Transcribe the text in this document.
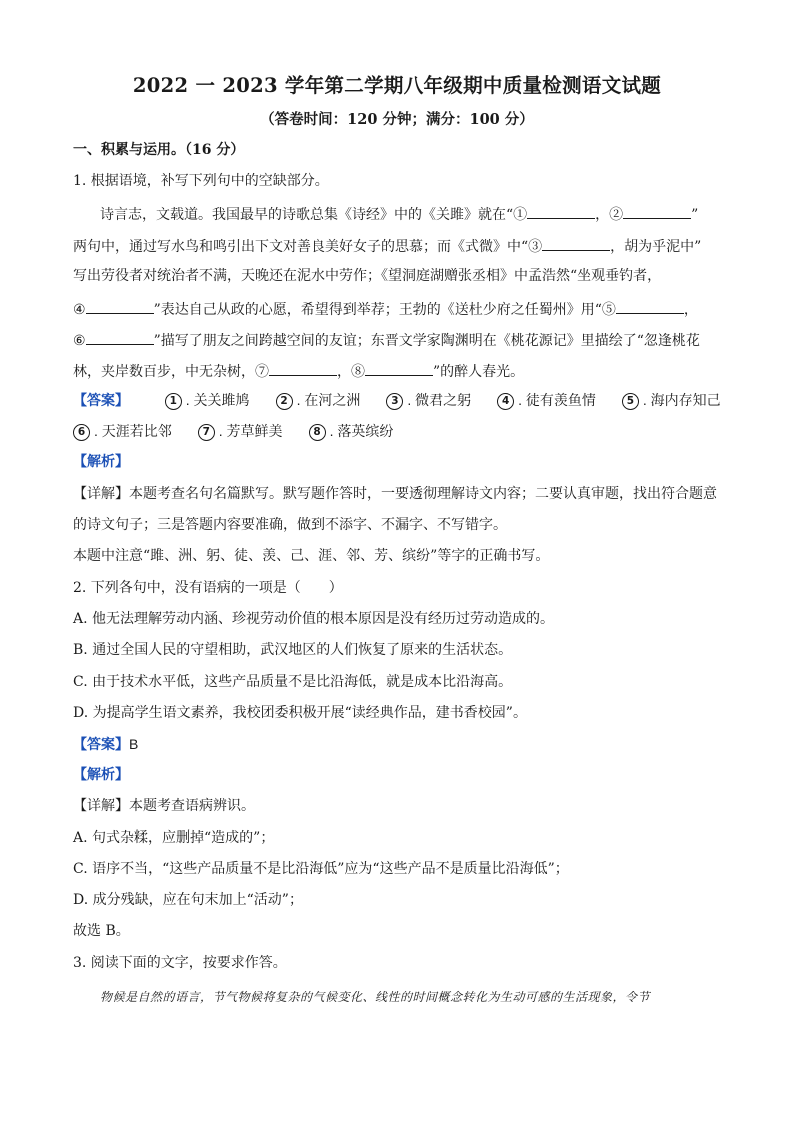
2022 一 2023 学年第二学期八年级期中质量检测语文试题
（答卷时间：120 分钟；满分：100 分）
一、积累与运用。（16 分）
1. 根据语境，补写下列句中的空缺部分。
诗言志，文载道。我国最早的诗歌总集《诗经》中的《关雎》就在“①	，②	”
两句中，通过写水鸟和鸣引出下文对善良美好女子的思慕；而《式微》中“③	，胡为乎泥中”
写出劳役者对统治者不满，天晚还在泥水中劳作；《望洞庭湖赠张丞相》中孟浩然“坐观垂钓者，
④	”表达自己从政的心愿，希望得到举荐；王勃的《送杜少府之任蜀州》用“⑤	，
⑥	”描写了朋友之间跨越空间的友谊；东晋文学家陶渊明在《桃花源记》里描绘了“忽逢桃花
林，夹岸数百步，中无杂树，⑦	，⑧	”的醉人春光。
【答案】	1 . 关关雎鸠	2 . 在河之洲	3 . 微君之躬	4 . 徒有羡鱼情	5 . 海内存知己
6 . 天涯若比邻	7 . 芳草鲜美	8 . 落英缤纷
【解析】
【详解】本题考查名句名篇默写。默写题作答时，一要透彻理解诗文内容；二要认真审题，找出符合题意
的诗文句子；三是答题内容要准确，做到不添字、不漏字、不写错字。
本题中注意“雎、洲、躬、徒、羡、己、涯、邻、芳、缤纷”等字的正确书写。
2. 下列各句中，没有语病的一项是（　　）
A. 他无法理解劳动内涵、珍视劳动价值的根本原因是没有经历过劳动造成的。
B. 通过全国人民的守望相助，武汉地区的人们恢复了原来的生活状态。
C. 由于技术水平低，这些产品质量不是比沿海低，就是成本比沿海高。
D. 为提高学生语文素养，我校团委积极开展“读经典作品，建书香校园”。
【答案】B
【解析】
【详解】本题考查语病辨识。
A. 句式杂糅，应删掉“造成的”；
C. 语序不当，“这些产品质量不是比沿海低”应为“这些产品不是质量比沿海低”；
D. 成分残缺，应在句末加上“活动”；
故选 B。
3. 阅读下面的文字，按要求作答。
物候是自然的语言，节气物候将复杂的气候变化、线性的时间概念转化为生动可感的生活现象，令节
